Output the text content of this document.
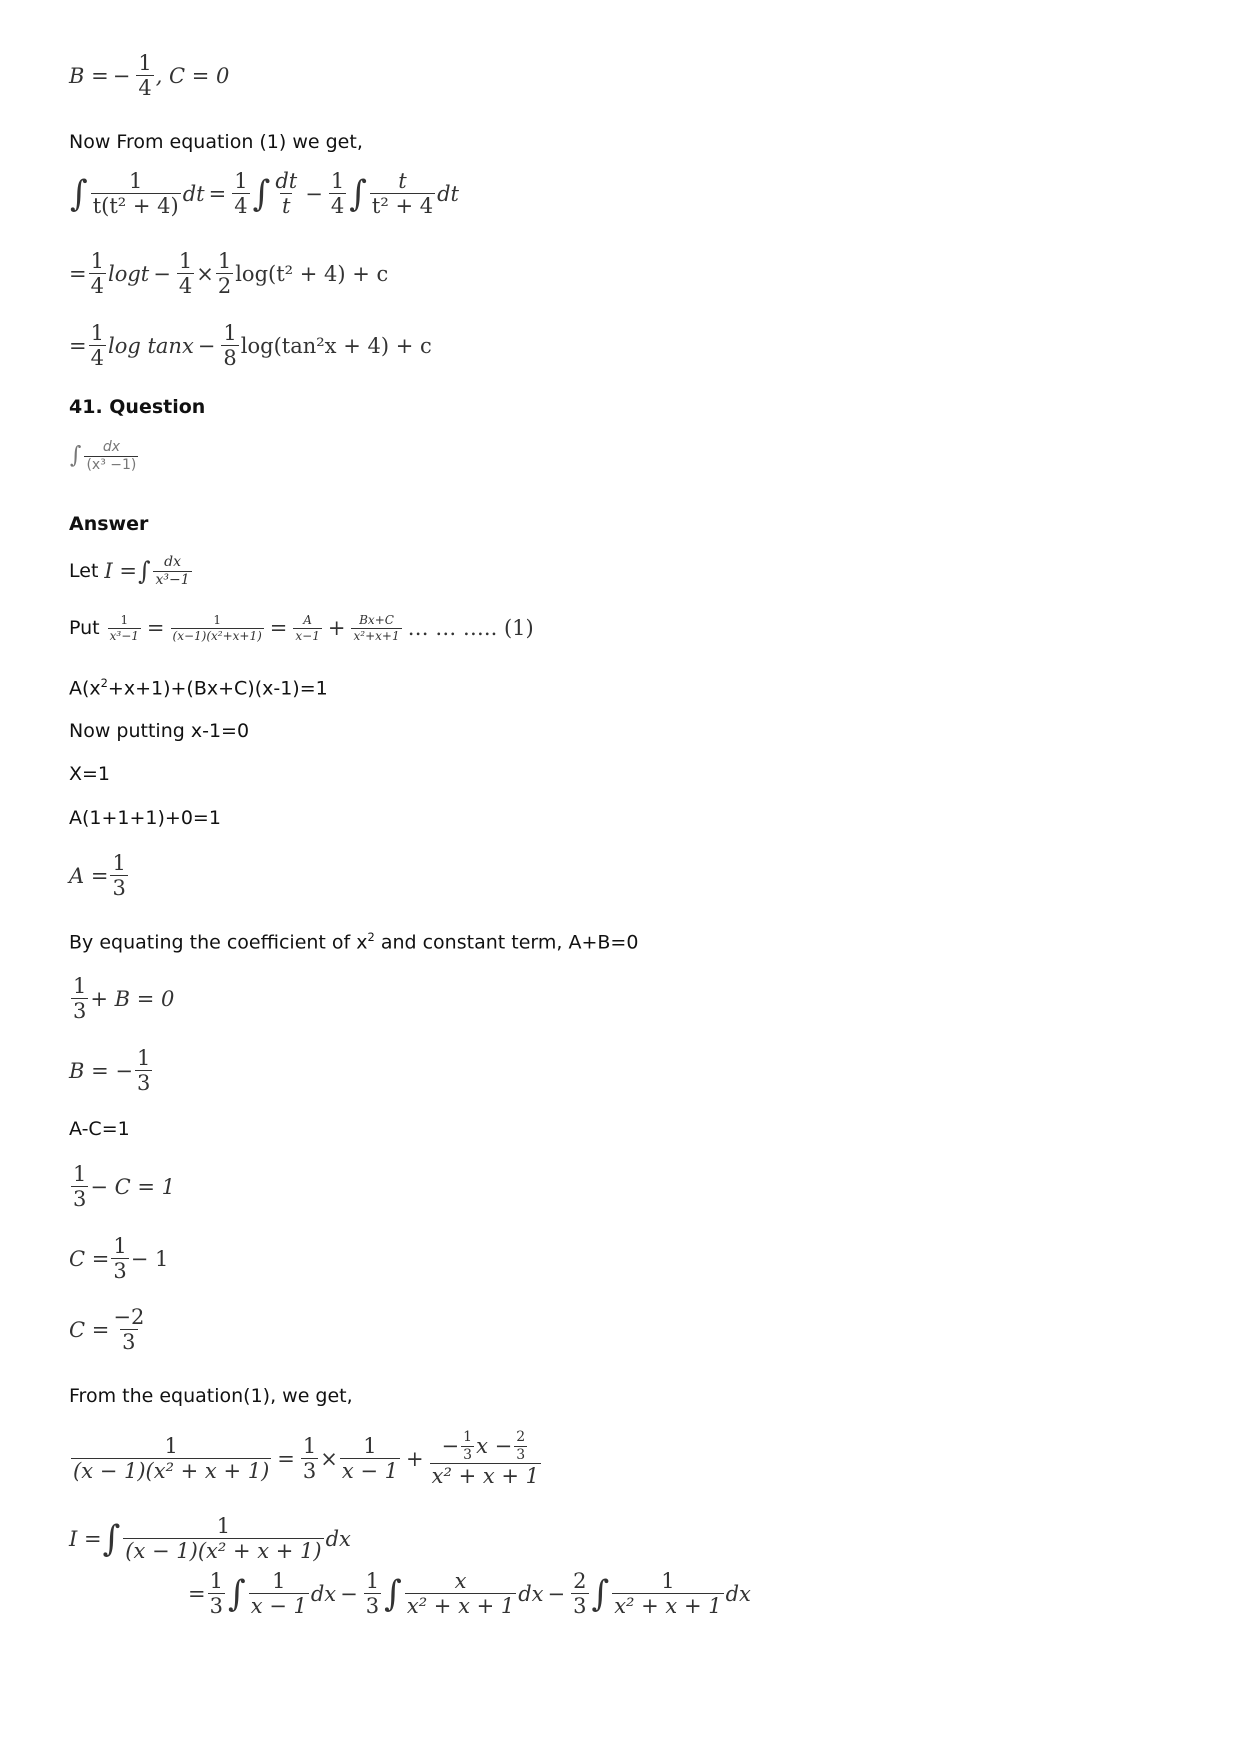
B = − $\frac{1}{4}$ , C = 0
Now From equation (1) we get,
∫ $\frac{1}{\text{t(t² + 4)}}$ dt = $\frac{1}{4}$ ∫ $\frac{dt}{t} - \frac{1}{4}$ ∫ $\frac{t}{\text{t² + 4}}$ dt
= $\frac{1}{4}$ $\log t - \frac{1}{4} \times \frac{1}{2} \log(t^2 + 4) + c$
= $\frac{1}{4}$ $\log \tan x - \frac{1}{8} \log(\tan^2x + 4) + c$
41. Question
∫ $\frac{dx}{\text{(x³ −1)}}$
Answer
Let I = ∫ $\frac{dx}{\text{x³−1}}$
Put $\frac{1}{\text{x³−1}} = \frac{1}{\text{(x−1)(x²+x+1)}} = \frac{A}{x-1} + \frac{Bx+C}{\text{x²+x+1}}$ … … ….. (1)
$A(x^2+x+1)+(Bx+C)(x-1)=1$
Now putting x-1=0
X=1
A(1+1+1)+0=1
$A = \frac{1}{3}$
By equating the coefficient of $x^2$ and constant term, A+B=0
$\frac{1}{3} + B = 0$
B = − $\frac{1}{3}$
A-C=1
$\frac{1}{3} - C = 1$
$C = \frac{1}{3} - 1$
$C = \frac{-2}{3}$
From the equation(1), we get,
$\frac{1}{\text{(x − 1)(x² + x + 1)}} = \frac{1}{3} \times \frac{1}{x - 1} + \frac{- \frac{1}{3} x - \frac{2}{3}}{\text{x² + x + 1}}$
I = ∫ $\frac{1}{\text{(x − 1)(x² + x + 1)}}$ dx
= $\frac{1}{3}$ ∫ $\frac{1}{x - 1}$ dx − $\frac{1}{3}$ ∫ $\frac{x}{\text{x² + x + 1}}$ dx − $\frac{2}{3}$ ∫ $\frac{1}{\text{x² + x + 1}}$ dx
